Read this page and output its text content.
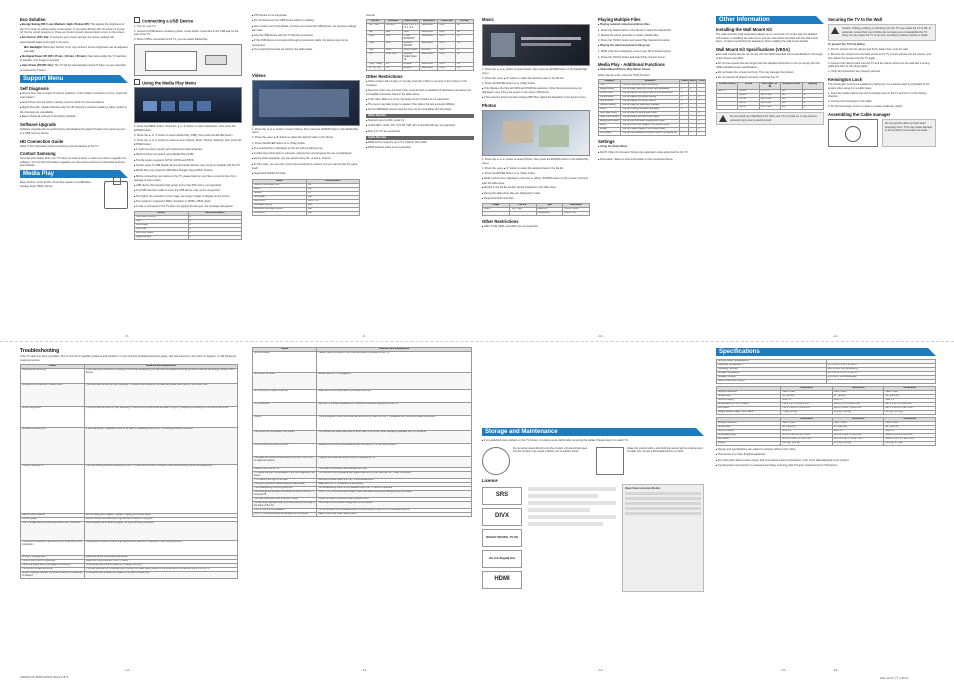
Eco Solution

■ Energy Saving (Off / Low / Medium / High / Picture Off): This adjusts the brightness of the TV in order to reduce power consumption. If you select Picture Off, the screen is turned off, but the sound remains on. Press any button except volume button to turn on the screen.

■ Eco Sensor (Off / On): To enhance your power savings; the picture settings will automatically adapt to the light in the room.

Min. Backlight: When Eco Sensor is On, the minimum screen brightness can be adjusted manually.

■ No-Signal Power Off (Off / 15 min. / 30 min. / 60 min.): Sets how quickly the TV switches to standby, if no image is received.

■ Auto Power Off (Off / On): The TV will be automatically turned off when no user operation is received for 4 hours.

Support Menu
Self Diagnosis
■ Picture Test: Use to check for picture problems. If the problem continues to occur, check the color pattern.
■ Sound Test: Use the built-in melody sound to check for sound problems.
■ Signal Strength: (digital channels only) An HD channel's reception quality is either perfect or the channels are unavailable.
■ Reset: Reset all settings to the factory defaults.
Software Upgrade

Software Upgrade can be performed by downloading the latest firmware from samsung.com to a USB memory device.

HD Connection Guide

Refer to this information when connecting external devices to the TV.

Contact Samsung

View this information when your TV does not work properly or when you want to upgrade the software. You can find information regarding our call centres and how to download products and software.

Media Play

Enjoy photos, music and/or movie files saved on a USB Mass Storage Class (MSC) device.

Connecting a USB Device

1. Turn on your TV.

2. Connect a USB device containing photo, music and/or movie files to the USB jack on the side of the TV.

3. When USB is connected to the TV, you can select Media Play.

Using the Media Play Menu

1. Press the MENU button. Press the ▲ or ▼ button to select Application, then press the ENTER button.

2. Press the ▲ or ▼ button to select Media Play (USB), then press the ENTER button.

3. Press the ◄ or ► button to select an icon (Videos, Music, Photos, Settings), then press the ENTER button.

■ It might not work properly with unlicenced multimedia files.
■ Need-to-Know List before using Media Play (USB)
■ The file system supports FAT16, FAT32 and NTFS.
■ Certain types of USB Digital camera and audio devices may not be compatible with this TV.
■ Media Play only supports USB Mass Storage Class (MSC) devices.
■ Before connecting your device to the TV, please back up your files to prevent them from damage or loss of data.
■ USB device that requires high power (more than 500 mA) is not supported.
■ If a USB extension cable is used, the USB device may not be recognized.
■ The higher the resolution of the image, the longer it takes to display on the screen.
■ The maximum supported JPEG resolution is 15360 x 8640 pixels.
■ If a file is corrupted or the TV does not support the file type, the message will appear.
Device	Recommendation
USB Flash memory	O
HDD	O
Card reader	O
USB HUB	X
Multi card reader	X
Digital camera	X
■ PTP device is not supported.
■ Do not disconnect the USB device while it is loading.
■ Sort mode is set to the default, so when you restart the USB device, the previous settings are reset.
■ Use the USB device with the TV directly connected.
■ If the USB device is connected through an extension cable, the device may not be recognized.
■ The supported formats are listed in the table below.
Videos

1. Press the ◄ or ► button to select Videos, then press the ENTER button in the Media Play menu.

2. Press the ◄/►/▲/▼ button to select the desired video in the file list.

3. Press the ENTER button or ► (Play) button.

■ The selected file is displayed on the top with its playing time.
■ If video time information is unknown, playing time and progress bar are not displayed.
■ During video playback, you can search using the ◄ and ► buttons.
■ In this mode, you can play movie clips contained in a Game, but you cannot play the game itself.

■ Supported Subtitle Formats

Name	File extension
MPEG-4 time-based text	.ttxt
SAMI	.smi
SubRip	.srt
SubViewer	.sub
Micro DVD	.sub or .txt
SubStation Alpha	.ssa
Advanced SubStation Alpha	.ass
Powerdivx	.psb
Internal
File Ext.	Container	Video Codec	Resolution	Frame rate	Bit rate
*.avi *.mkv	AVI MKV	Divx 3.11 / 4.x / 5.1 / 6.0	1920x1080	6~30	30
*.asf	ASF	XviD	1920x1080	6~30	30
*.wmv	ASF	H.264 BP/MP/HP	1920x1080	6~30	30
*.mp4	MP4	MPEG4 SP/ASP	1920x1080	6~30	30
*.3gp	3GPP	Motion JPEG	800x600	6~30	8
*.vro	VRO VOB	Window Media Video v9	1920x1080	6~30	25
*.mpg *.mpeg	PS	MPEG2	1920x1080	6~30	30
*.ts *.tp *.trp	TS	MPEG1	1920x1080	6~30	30
Other Restrictions
■ Video content will not play, or not play correctly, if there is an error in the content or the container.
■ Sound or video may not work if the contents have a standard bit rate/frame rate above the compatible Frame/sec listed in the table above.
■ If the Index Table is in error, the Seek (Jump) function is not supported.
■ The menu may take longer to appear if the video's bit rate exceeds 10Mbps.
■ Some USB/digital camera devices may not be compatible with the player.
Video Decoder
■ Supports up to H.264, Level 4.1
■ H.264 FMO / ASO / RS, VC1 SP / MP, AP L4 and AVCHD are not supported.
■ Divx 5.0 / 6.0 are supported
Audio Decoder
■ WMA 10 Pro supports up to 5.1 channel, M2 profile.
■ WMA lossless audio is not supported.
Music

1. Press the ◄ or ► button to select Music, then press the ENTER button in the Media Play menu.

2. Press the ◄/►/▲/▼ button to select the desired music in the file list.

3. Press the ENTER button or ► (Play) button.

■ Only displays the files with MP3 and PCM file extension. Other file extensions are not displayed, even if they are saved on the same USB device.
■ If the sound is abnormal when playing MP3 files, adjust the Equalizer in the Sound menu.
Photos

1. Press the ◄ or ► button to select Photos, then press the ENTER button in the Media Play menu.

2. Press the ◄/►/▲/▼ button to select the desired photo in the file list.

3. Press the ENTER button or ► (Play) button.

■ While a photo list is displayed, press the ► (Play) / ENTER button on the remote control to start the slide show.
■ All files in the file list section will be displayed in the slide show.
■ During the slide show, files are displayed in order.
■ Supported Photo Formats
Image	File ext.	Type	Resolution
JPEG	*.jpg *.jpeg	Base-line	15360 x 8640
		Progressive	1024 x 768
Other Restrictions

■ GMC, PCM QPEL and GMC are not supported.

Playing Multiple Files

■ Playing selected video/music/photo files

1. Press the Yellow button in the file list to select the desired file.

2. Repeat the above operation to select multiple files.

3. Press the TOOLS button and select Play Selected Contents.

■ Playing the video/music/photo file group

1. While a file list is displayed, move to any file in desired group.

2. Press the TOOLS button and select Play Current Group.

Media Play - Additional Functions

■ Videos/Music/Photos Play Option menus

When playing a file, press the TOOLS button.

Category	Operation	Videos	Music	Photos
Title	You can move the other file directly.	✓		
Repeat Mode	You can play movie and music files repeatedly.	✓	✓	
Picture Size	You can adjust the picture size to your preference.	✓		
Picture Mode	You can adjust the picture setting.	✓		✓
Sound Mode	You can adjust the sound setting.	✓	✓	✓
Subtitle Setting	You can play the video with Subtitles.	✓		
Audio	You can change the audio language.	✓		
Stop Slide Show	You can start or stop a slide show.			✓
Slide Show Speed	You can select the slide show speed.			✓
Background Music	You can set and select background music.			✓
Zoom	You can zoom into images in full screen mode.			✓
Rotate	You can rotate images in full screen mode.			✓
Information	You can see detailed information about the played file.	✓	✓	✓
Settings

■ Using the Setup Menu

■ DivX® Video On Demand: Shows the registration code authorized for the TV.

■ Information: Select to view information on the connected device.

Other Information
Installing the Wall Mount Kit

The wall mount kit (sold separately) allows you to mount the TV on the wall. For detailed information on installing the wall mount, see the instructions provided with the wall mount items. Contact a technician for assistance when installing the wall mount bracket.

Wall Mount Kit Specifications (VESA)
■ For wall mounts that do not comply with the VESA standard screw specifications, the length of the screws may differ.
■ Do not use screws that are longer than the standard dimension or do not comply with the VESA standard screw specifications.
■ Do not fasten the screws too firmly. This may damage the product.
■ Do not exceed 15 degrees tilt when mounting this TV.
Product Family	inches	VESA Spec. (A * B)	Standard Screw	Quantity
LED-TV	19~22	75 X 75	M4	4
	23~29	200 X 100	M4	4
	32~40	200 X 200	M8	4
	46~55	400 X 400	M8	4
	60~65	600 X 400	M8	4
Do not install your Wall Mount Kit while your TV is turned on. It may result in personal injury due to electric shock.
Securing the TV to the Wall
Caution: Pulling, pushing, or climbing onto the TV may cause the TV to fall. In particular, ensure that your children do not hang over or destabilize the TV; doing so may cause the TV to tip over, resulting in serious injuries or death.

To prevent the TV from falling

1. Put the screws into the clamps and firmly fasten them onto the wall.

2. Remove the screws from the back centre of the TV, put the screws into the clamps, and then fasten the screws onto the TV again.

3. Connect the clamps fixed onto the TV and the clamps fixed onto the wall with a strong cable and then tie the string tightly.

4. Verify all connections are properly secured.

Kensington Lock

The Kensington Lock is not supplied by Samsung. It is a device used to physically fix the system when using it in a public place.

1. Insert the locking device into the Kensington slot on the TV and turn it in the locking direction.

2. Connect the Kensington Lock cable.

3. Fix the Kensington Lock to a desk or a heavy stationary object.

Assembling the Cable manager
Do not pull the cable too hard when arranging them. This may cause damage to the product's connection terminals.
- 8 -	- 9 -	- 10 -	- 11 -
Troubleshooting

If the TV seems to have a problem, first try this list of possible problems and solutions. If none of these troubleshooting tips apply, visit samsung.com, then click on Support, or call Samsung customer service.

Issues	Solutions and Explanations
Flickering and Dimming	If your Samsung Television is flickering or dimming sporadically, you may need to disable some energy efficient features like Energy Saving or Eco Sensor.
Component Connections / Screen Color	If you find that the color on your Samsung TV screen is not correct or the black and white colors are off, run Picture Test.
Screen Brightness	If you find that the colors on your Samsung TV are correct but just a little too dark or bright, try adjusting the settings in the Picture menu first.
Unwanted Powering Off	If your Samsung TV appears to turn off by itself, try disabling some of the TV's energy efficiency functions.
Trouble Powering On	If you are having problems powering on your TV, there are a number of things to check before calling the service department.
Cannot find a Channel	Re-run Setup (Go to MENU - System - Setup) or run Auto Store.
Picture Quality	Ensure that you are watching a high definition channel or program.
The TV image does not look as good as it did in the store.	Store displays are all tuned to digital, HD (high definition) channels.
The picture is distorted: macroblock error, small block, dots, pixelization	Compression of video contents may cause picture distortion, especially in fast moving pictures.
Wrong or missing color	Make sure all the connections are secure.
There is poor color or brightness	Adjust the Picture options in the TV menu.
There is a dotted line on the edge of the screen	If the picture size is set to Screen Fit, change it to 16:9.
The picture is black and white	If you are using an AV composite input, connect the video cable (yellow) to the Green jack of component input 1 on the TV.
When changing channels, the picture freezes or is distorted or delayed	If connected with a cable box, please try to reset the cable box.
Issues	Solutions and Explanations
Sound Problem	Please check the volume of any external device connected to your TV.
No picture, No video	Ensure that the TV is plugged in.
RF Connection (Cable / Antenna)	Make sure the Antenna cable is connected securely.
PC Connection	Set your PC's output resolution so it matches a resolution supported by the TV.
Others	The purple/green rolling horizontal bars and buzzing noise from the TV speakers with Component cable connection.
The picture will not display in full screen.	HD channels will have black bars on either side of the screen when displaying upscaled SD (4:3) contents.
The remote control does not work.	Replace the remote control batteries with the poles (+/–) in the right direction.
The cable box remote control doesn't turn the TV on or off, or adjust the volume.	Program the Cable/Set remote control to operate the TV.
Plastic smell from the TV	This smell is normal and will dissipate over time.
TV Signal Strength is unavailable in the Self Diagnostic Test menu.	This function is only available with digital channels from an Antenna / RF / Coax connection.
TV is tilted to the right or left side.	Remove the stand base from the TV and reassemble it.
There are problems in assembling the stand base.	Make sure the TV is placed on a flat surface.
The Broadcasting menu is grayed out.	The Broadcasting menu is only available when the TV source is selected.
Your settings are lost after 30 minutes or every time the TV is turned off.	If the TV is in the Store Demo mode, it will reset audio and picture settings every 30 minutes.
You have intermittent loss of audio or video.	Check the cable connections and reconnect them.
You see small particles when you look closely at the edge of the frame of the TV.	This is part of the product's design and is not a defect.
The PIP menu is not available.	PIP functionality is only available when you are using an HDMI, PC or Component source.
POP (TV's internal banner ad) appears on the screen.	Select Home Use under Setup mode.
Storage and Maintenance

■ If you attached some stickers on the TV screen, it remains some debris after removing the sticker. Please clean it to watch TV.

Do not spray water directly onto the product. Any liquid that goes into the product may cause a failure, fire or electric shock.
Clean the product with a soft cloth dampened with a small amount of water. Do not use a flammable liquid or a cloth.
Licence
SRS
DIVX
DOLBY DIGITAL PLUS
dts 2.0+Digital Out
HDMI
Open Source Licence Notice
Specifications
Environmental Considerations	
Operating Temperature	10°C to 40°C (50°F to 104°F)
Operating Humidity	10% to 80%, non-condensing
Storage Temperature	-20°C to 45°C (-4°F to 113°F)
Storage Humidity	5% to 95%, non-condensing
Stand Swivel (Left / Right)	0°
	UE32D6000	UE37D6000	UE40D6000
Display Resolution	1920 x 1080	1920 x 1080	1920 x 1080
Screen Size	32" (80 cm)	37" (94 cm)	40" (101 cm)
Sound (Output)	10W X 2	10W X 2	10W X 2
Dimensions (W x D x H) Body	744.2 X 27.9 X 453.1 mm	860.6 X 27.9 X 518.8 mm	927.0 X 27.9 X 556.4 mm
With stand	744.2 X 201.4 X 518.2 mm	860.6 X 221.8 X 584.2 mm	927.0 X 221.8 X 621.8 mm
Weight Without Stand / With Stand	7.8 kg / 9.3 kg	10.2 kg / 12.0 kg	11.3 kg / 13.1 kg
	UE46D6000	UE55D6000	UE60D6000
Display Resolution	1920 x 1080	1920 x 1080	1920 x 1080
Screen Size	46" (116 cm)	55" (138 cm)	60" (152 cm)
Sound (Output)	10W X 2	10W X 2	10W X 2
Dimensions Body	1073.8 X 29.9 X 637.1 mm	1273.4 X 29.9 X 748.2 mm	1386.0 X 29.9 X 813.0 mm
With stand	1073.8 X 256.7 X 704.3 mm	1273.4 X 287.3 X 819.7 mm	1386.0 X 287.3 X 883.4 mm
Weight	14.0 kg / 16.4 kg	19.6 kg / 22.8 kg	23.6 kg / 27.4 kg
■ Design and specifications are subject to change without prior notice.
■ This device is a Class B digital apparatus.
■ For information about power supply, and more about power consumption, refer to the label attached to the product.
■ Typical power consumption is measured according to Energy Star Program requirements for Televisions.
- 12 -	- 13 -	- 14 -	- 15 -	- 16 -
[UE6000-ZC] BN68-03939A-00L04.indb 8	2011-10-06 오후 4:45:10
